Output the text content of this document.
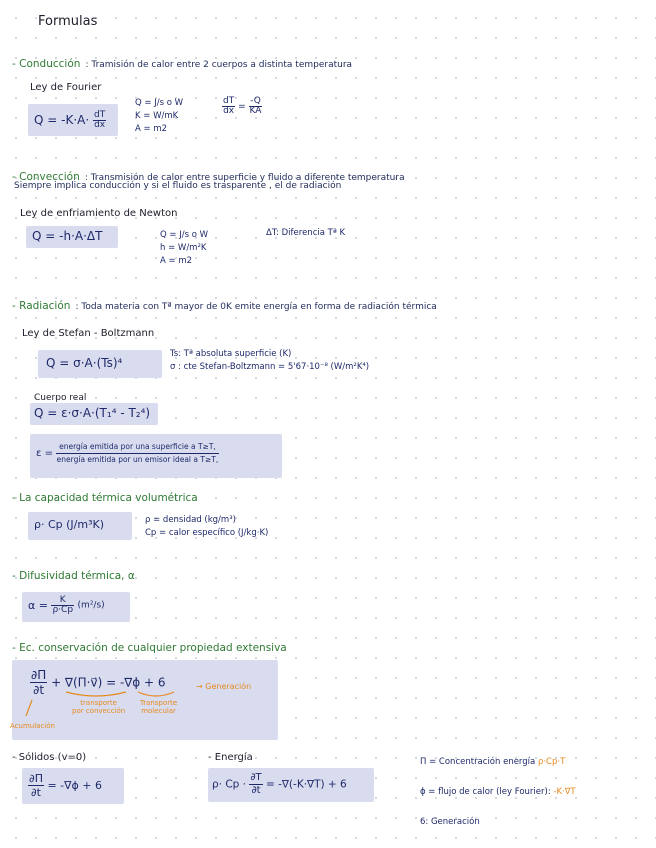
Formulas
- Conducción : Tramisión de calor entre 2 cuerpos a distinta temperatura
Ley de Fourier
$Q = -K\cdot A\cdot \frac{dT}{dx}$
Q = J/s o W
K = W/mK
A = m2
$\frac{dT}{dx} = \frac{-Q}{KA}$
- Convección : Transmisión de calor entre superficie y fluido a diferente temperatura
Siempre implica conducción y si el fluido es trasparente , el de radiación
Ley de enfriamiento de Newton
Q = -h·A·ΔT	Q = J/s o W
h = W/m²K
A = m2
ΔT: Diferencia Tª K
- Radiación : Toda materia con Tª mayor de 0K emite energía en forma de radiación térmica
Ley de Stefan - Boltzmann
Q = σ·A·(Ts)⁴
Ts: Tª absoluta superficie (K)
σ : cte Stefan-Boltzmann = 5'67·10⁻⁸ (W/m²K⁴)
Cuerpo real
Q = ε·σ·A·(T₁⁴ - T₂⁴)
$\varepsilon = \frac{\text{energía emitida por una superficie a T≥T,}}{\text{energía emitida por un emisor ideal a T≥T,}}$
- La capacidad térmica volumétrica
ρ· Cp (J/m³K)	ρ = densidad (kg/m³)
Cp = calor específico (J/kg·K)
- Difusividad térmica, α
$\alpha = \frac{K}{\rho\cdot Cp} (m^2/s)$
- Ec. conservación de cualquier propiedad extensiva
$\frac{\partial\Pi}{\partial t}$ + ∇(Π·v⃗) = -∇ϕ + 6	→ Generación
transporte
por convección
Transporte
molecular
Acumulación
- Sólidos (v=0)
$\frac{\partial\Pi}{\partial t} = -\nabla\phi + 6$
- Energía
$\rho\cdot Cp \cdot \frac{\partial T}{\partial t} = -\nabla(-K\cdot\nabla T) + 6$
Π = Concentración energía ρ·Cp·T
ϕ = flujo de calor (ley Fourier): -K·∇T
6: Generación
